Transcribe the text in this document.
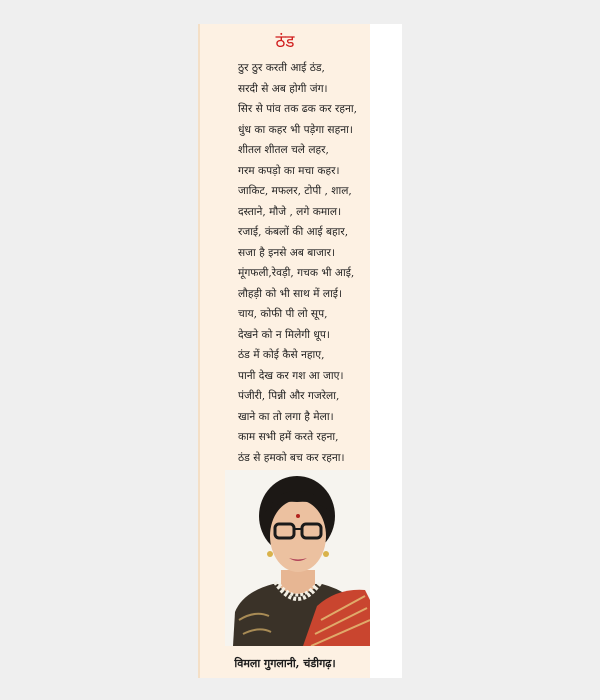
ठंड
ठुर ठुर करती आई ठंड,
सरदी से अब होगी जंग।
सिर से पांव तक ढक कर रहना,
धुंध का कहर भी पड़ेगा सहना।
शीतल शीतल चले लहर,
गरम कपड़ो का मचा कहर।
जाकिट, मफलर, टोपी , शाल,
दस्ताने, मौजे , लगे कमाल।
रजाई, कंबलों की आई बहार,
सजा है इनसे अब बाजार।
मूंगफली,रेवड़ी, गचक भी आई,
लौहड़ी को भी साथ में लाई।
चाय, कोफी पी लो सूप,
देखने को न मिलेगी धूप।
ठंड में कोई कैसे नहाए,
पानी देख कर गश आ जाए।
पंजीरी, पिन्नी और गजरेला,
खाने का तो लगा है मेला।
काम सभी हमें करते रहना,
ठंड से हमको बच कर रहना।
विमला गुगलानी, चंडीगढ़।
